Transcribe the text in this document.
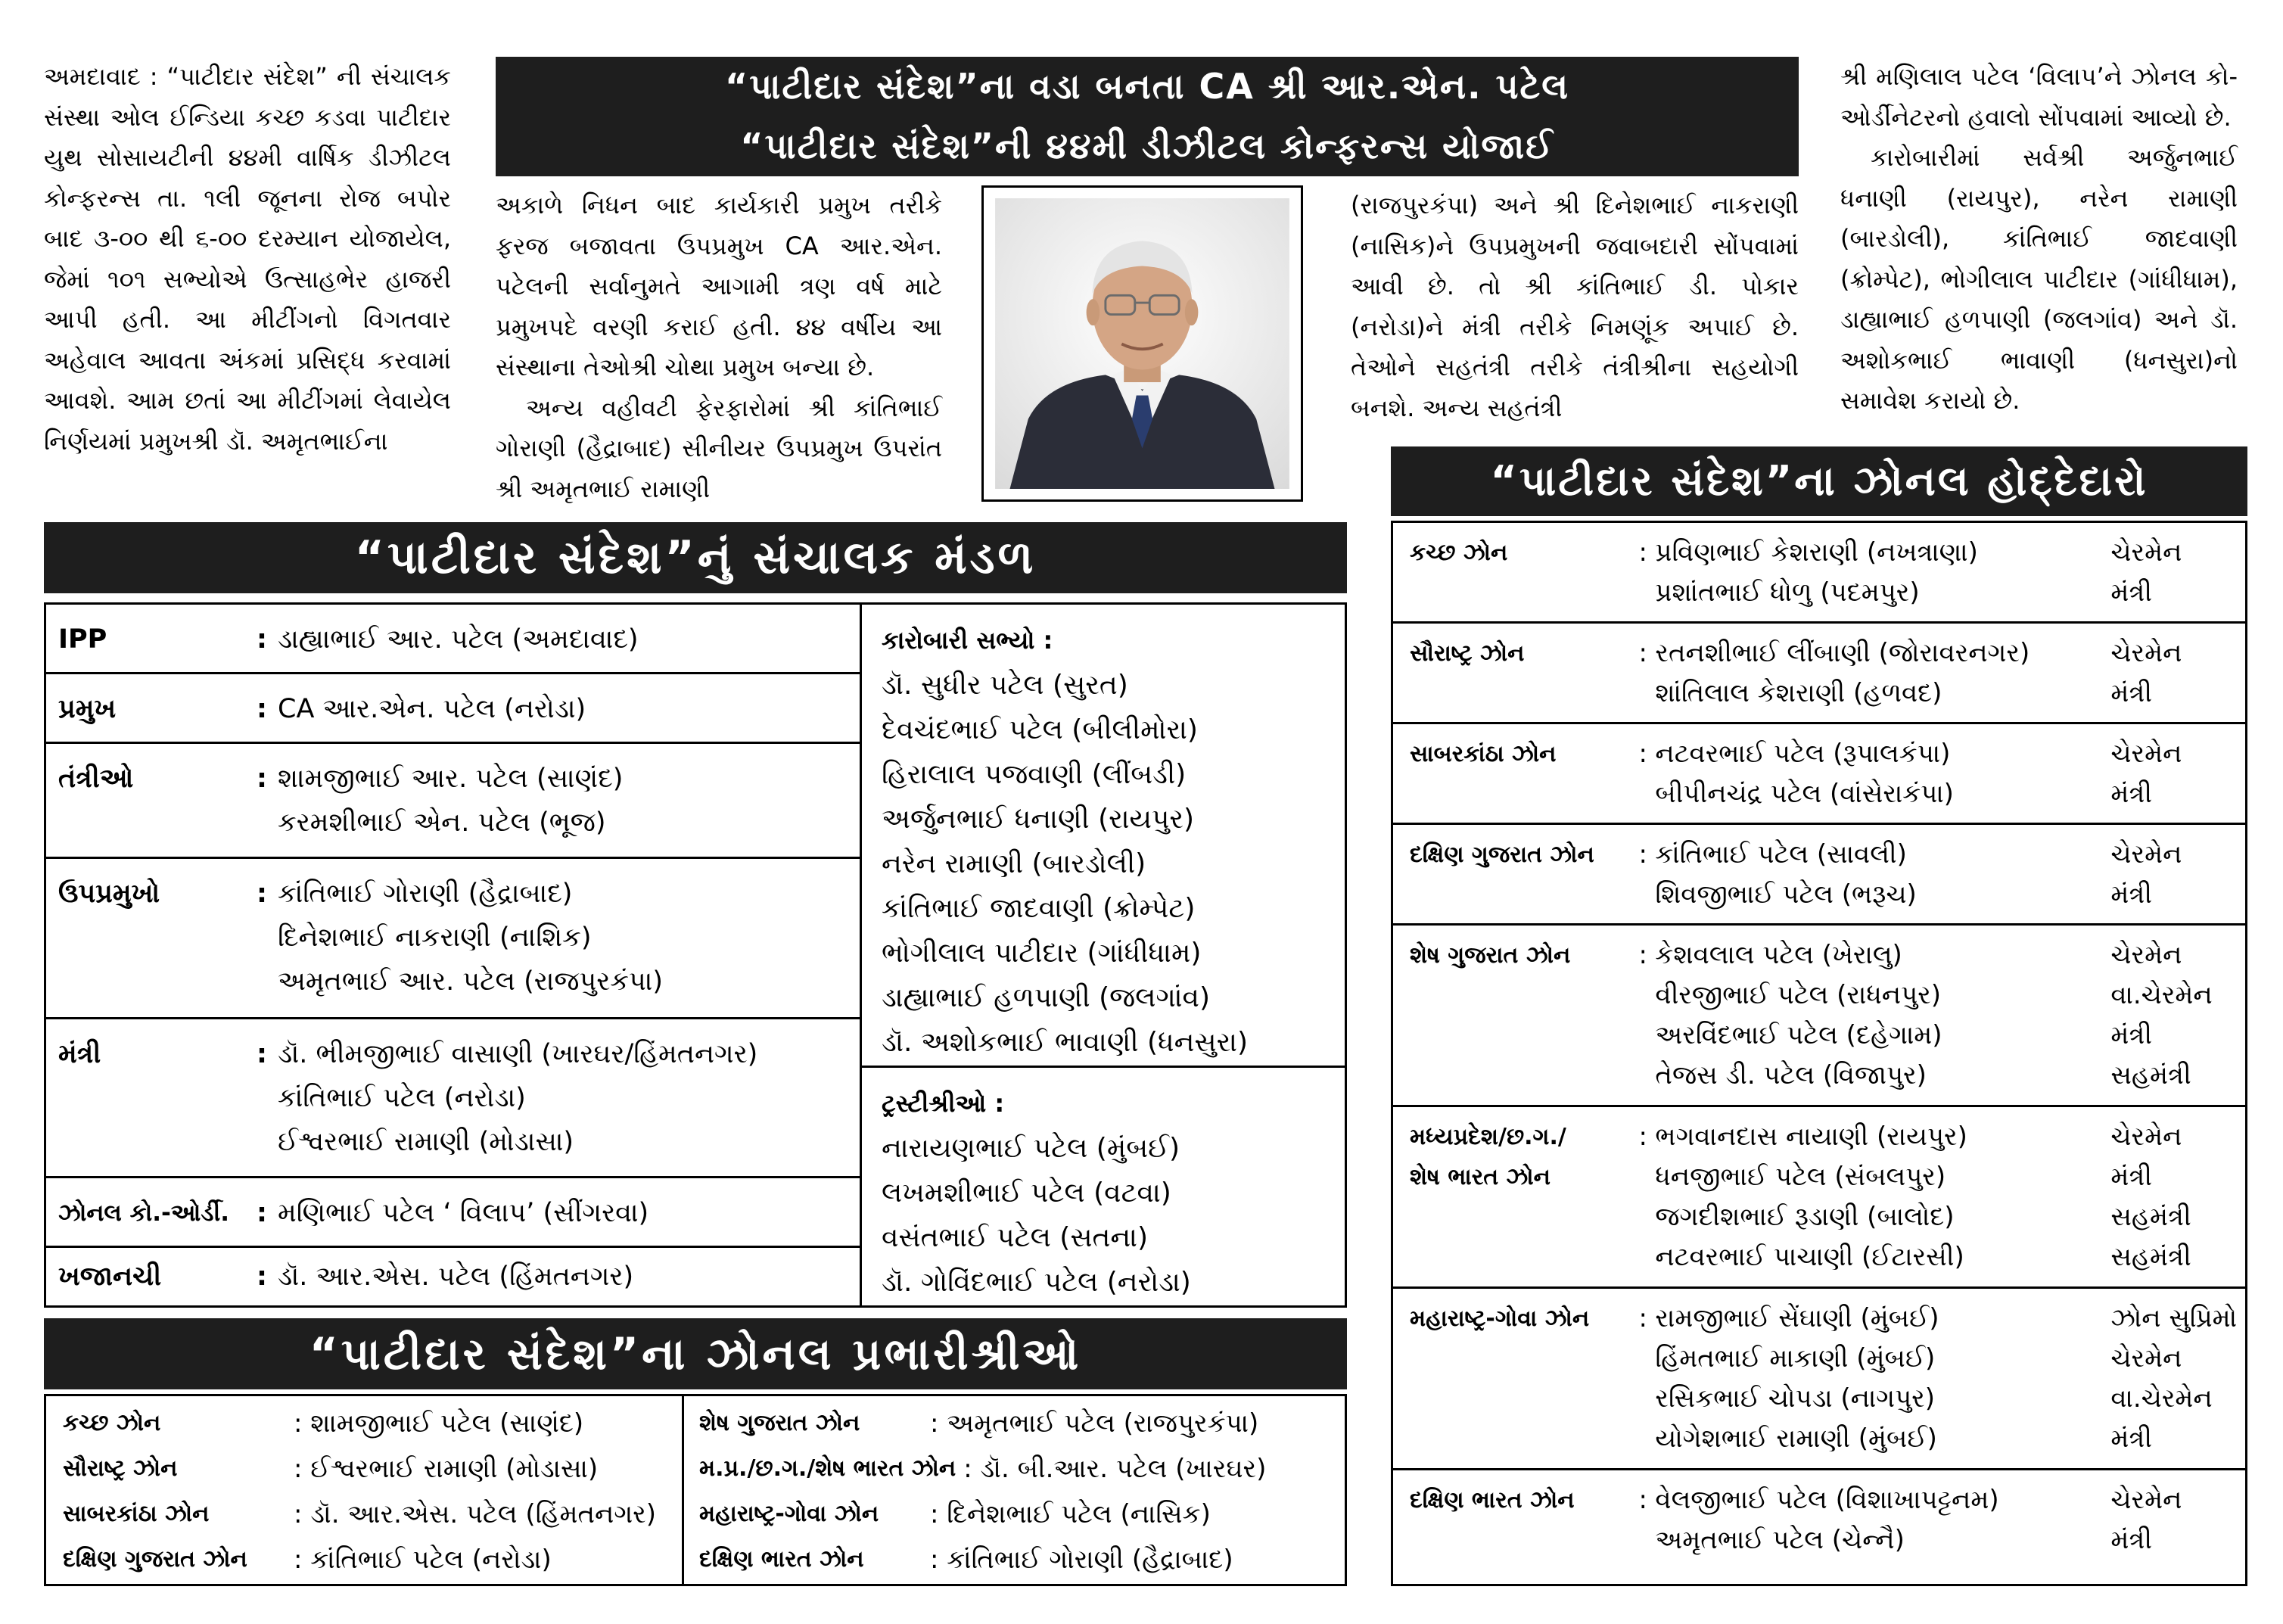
અમદાવાદ : “પાટીદાર સંદેશ” ની સંચાલક સંસ્થા ઓલ ઈન્ડિયા કચ્છ કડવા પાટીદાર યુથ સોસાયટીની ૪૪મી વાર્ષિક ડીઝીટલ કોન્ફરન્સ તા. ૧લી જૂનના રોજ બપોર બાદ ૩-૦૦ થી ૬-૦૦ દરમ્યાન યોજાયેલ, જેમાં ૧૦૧ સભ્યોએ ઉત્સાહભેર હાજરી આપી હતી. આ મીટીંગનો વિગતવાર અહેવાલ આવતા અંકમાં પ્રસિદ્ધ કરવામાં આવશે. આમ છતાં આ મીટીંગમાં લેવાયેલ નિર્ણયમાં પ્રમુખશ્રી ડૉ. અમૃતભાઈના

“પાટીદાર સંદેશ”ના વડા બનતા CA શ્રી આર.એન. પટેલ
“પાટીદાર સંદેશ”ની ૪૪મી ડીઝીટલ કોન્ફરન્સ યોજાઈ

અકાળે નિધન બાદ કાર્યકારી પ્રમુખ તરીકે ફરજ બજાવતા ઉપપ્રમુખ CA આર.એન. પટેલની સર્વાનુમતે આગામી ત્રણ વર્ષ માટે પ્રમુખપદે વરણી કરાઈ હતી. ૪૪ વર્ષીય આ સંસ્થાના તેઓશ્રી ચોથા પ્રમુખ બન્યા છે.

અન્ય વહીવટી ફેરફારોમાં શ્રી કાંતિભાઈ ગોરાણી (હૈદ્રાબાદ) સીનીયર ઉપપ્રમુખ ઉપરાંત શ્રી અમૃતભાઈ રામાણી

(રાજપુરકંપા) અને શ્રી દિનેશભાઈ નાકરાણી (નાસિક)ને ઉપપ્રમુખની જવાબદારી સોંપવામાં આવી છે. તો શ્રી કાંતિભાઈ ડી. પોકાર (નરોડા)ને મંત્રી તરીકે નિમણૂંક અપાઈ છે. તેઓને સહતંત્રી તરીકે તંત્રીશ્રીના સહયોગી બનશે. અન્ય સહતંત્રી

શ્રી મણિલાલ પટેલ ‘વિલાપ’ને ઝોનલ કો-ઓર્ડીનેટરનો હવાલો સોંપવામાં આવ્યો છે.

કારોબારીમાં સર્વશ્રી અર્જુનભાઈ ધનાણી (રાયપુર), નરેન રામાણી (બારડોલી), કાંતિભાઈ જાદવાણી (ક્રોમ્પેટ), ભોગીલાલ પાટીદાર (ગાંધીધામ), ડાહ્યાભાઈ હળપાણી (જલગાંવ) અને ડૉ. અશોકભાઈ ભાવાણી (ધનસુરા)નો સમાવેશ કરાયો છે.

“પાટીદાર સંદેશ”નું સંચાલક મંડળ
IPP	: ડાહ્યાભાઈ આર. પટેલ (અમદાવાદ)
પ્રમુખ	: CA આર.એન. પટેલ (નરોડા)
તંત્રીઓ	: શામજીભાઈ આર. પટેલ (સાણંદ)
કરમશીભાઈ એન. પટેલ (ભૂજ)
ઉપપ્રમુખો	: કાંતિભાઈ ગોરાણી (હૈદ્રાબાદ)
દિનેશભાઈ નાકરાણી (નાશિક)
અમૃતભાઈ આર. પટેલ (રાજપુરકંપા)
મંત્રી	: ડૉ. ભીમજીભાઈ વાસાણી (ખારઘર/હિંમતનગર)
કાંતિભાઈ પટેલ (નરોડા)
ઈશ્વરભાઈ રામાણી (મોડાસા)
ઝોનલ કો.-ઓર્ડી.	: મણિભાઈ પટેલ ‘ વિલાપ’ (સીંગરવા)
ખજાનચી	: ડૉ. આર.એસ. પટેલ (હિંમતનગર)
કારોબારી સભ્યો :
ડૉ. સુધીર પટેલ (સુરત)
દેવચંદભાઈ પટેલ (બીલીમોરા)
હિરાલાલ પજવાણી (લીંબડી)
અર્જુનભાઈ ધનાણી (રાયપુર)
નરેન રામાણી (બારડોલી)
કાંતિભાઈ જાદવાણી (ક્રોમ્પેટ)
ભોગીલાલ પાટીદાર (ગાંધીધામ)
ડાહ્યાભાઈ હળપાણી (જલગાંવ)
ડૉ. અશોકભાઈ ભાવાણી (ધનસુરા)
ટ્રસ્ટીશ્રીઓ :
નારાયણભાઈ પટેલ (મુંબઈ)
લખમશીભાઈ પટેલ (વટવા)
વસંતભાઈ પટેલ (સતના)
ડૉ. ગોવિંદભાઈ પટેલ (નરોડા)
“પાટીદાર સંદેશ”ના ઝોનલ પ્રભારીશ્રીઓ
કચ્છ ઝોન	: શામજીભાઈ પટેલ (સાણંદ)
સૌરાષ્ટ્ર ઝોન	: ઈશ્વરભાઈ રામાણી (મોડાસા)
સાબરકાંઠા ઝોન	: ડૉ. આર.એસ. પટેલ (હિંમતનગર)
દક્ષિણ ગુજરાત ઝોન	: કાંતિભાઈ પટેલ (નરોડા)
શેષ ગુજરાત ઝોન	: અમૃતભાઈ પટેલ (રાજપુરકંપા)
મ.પ્ર./છ.ગ./શેષ ભારત ઝોન : ડૉ. બી.આર. પટેલ (ખારઘર)
મહારાષ્ટ્ર-ગોવા ઝોન	: દિનેશભાઈ પટેલ (નાસિક)
દક્ષિણ ભારત ઝોન	: કાંતિભાઈ ગોરાણી (હૈદ્રાબાદ)
“પાટીદાર સંદેશ”ના ઝોનલ હોદ્દેદારો
કચ્છ ઝોન	: પ્રવિણભાઈ કેશરાણી (નખત્રાણા)	ચેરમેન
પ્રશાંતભાઈ ધોળુ (પદમપુર)	મંત્રી
સૌરાષ્ટ્ર ઝોન	: રતનશીભાઈ લીંબાણી (જોરાવરનગર)	ચેરમેન
શાંતિલાલ કેશરાણી (હળવદ)	મંત્રી
સાબરકાંઠા ઝોન	: નટવરભાઈ પટેલ (રૂપાલકંપા)	ચેરમેન
બીપીનચંદ્ર પટેલ (વાંસેરાકંપા)	મંત્રી
દક્ષિણ ગુજરાત ઝોન	: કાંતિભાઈ પટેલ (સાવલી)	ચેરમેન
શિવજીભાઈ પટેલ (ભરૂચ)	મંત્રી
શેષ ગુજરાત ઝોન	: કેશવલાલ પટેલ (ખેરાલુ)	ચેરમેન
વીરજીભાઈ પટેલ (રાધનપુર)	વા.ચેરમેન
અરવિંદભાઈ પટેલ (દહેગામ)	મંત્રી
તેજસ ડી. પટેલ (વિજાપુર)	સહમંત્રી
મધ્યપ્રદેશ/છ.ગ./	: ભગવાનદાસ નાયાણી (રાયપુર)	ચેરમેન
શેષ ભારત ઝોન	ધનજીભાઈ પટેલ (સંબલપુર)	મંત્રી
જગદીશભાઈ રૂડાણી (બાલોદ)	સહમંત્રી
નટવરભાઈ પાચાણી (ઈટારસી)	સહમંત્રી
મહારાષ્ટ્ર-ગોવા ઝોન	: રામજીભાઈ સેંઘાણી (મુંબઈ)	ઝોન સુપ્રિમો
હિંમતભાઈ માકાણી (મુંબઈ)	ચેરમેન
રસિકભાઈ ચોપડા (નાગપુર)	વા.ચેરમેન
યોગેશભાઈ રામાણી (મુંબઈ)	મંત્રી
દક્ષિણ ભારત ઝોન	: વેલજીભાઈ પટેલ (વિશાખાપટ્ટનમ)	ચેરમેન
અમૃતભાઈ પટેલ (ચેન્નૈ)	મંત્રી
